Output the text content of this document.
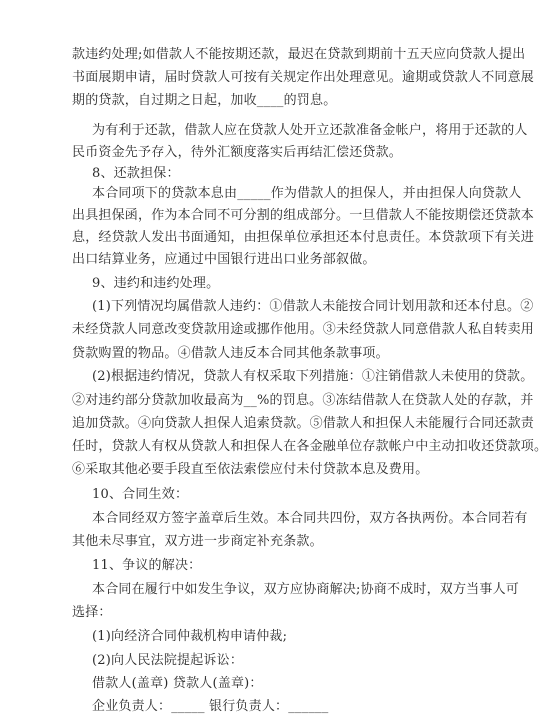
款违约处理;如借款人不能按期还款，最迟在贷款到期前十五天应向贷款人提出
书面展期申请，届时贷款人可按有关规定作出处理意见。逾期或贷款人不同意展
期的贷款，自过期之日起，加收____的罚息。
为有利于还款，借款人应在贷款人处开立还款准备金帐户，将用于还款的人
民币资金先予存入，待外汇额度落实后再结汇偿还贷款。
8、还款担保：
本合同项下的贷款本息由_____作为借款人的担保人，并由担保人向贷款人
出具担保函，作为本合同不可分割的组成部分。一旦借款人不能按期偿还贷款本
息，经贷款人发出书面通知，由担保单位承担还本付息责任。本贷款项下有关进
出口结算业务，应通过中国银行进出口业务部叙做。
9、违约和违约处理。
(1)下列情况均属借款人违约：①借款人未能按合同计划用款和还本付息。②
未经贷款人同意改变贷款用途或挪作他用。③未经贷款人同意借款人私自转卖用
贷款购置的物品。④借款人违反本合同其他条款事项。
(2)根据违约情况，贷款人有权采取下列措施：①注销借款人未使用的贷款。
②对违约部分贷款加收最高为__%的罚息。③冻结借款人在贷款人处的存款，并
追加贷款。④向贷款人担保人追索贷款。⑤借款人和担保人未能履行合同还款责
任时，贷款人有权从贷款人和担保人在各金融单位存款帐户中主动扣收还贷款项。
⑥采取其他必要手段直至依法索偿应付未付贷款本息及费用。
10、合同生效：
本合同经双方签字盖章后生效。本合同共四份，双方各执两份。本合同若有
其他未尽事宜，双方进一步商定补充条款。
11、争议的解决：
本合同在履行中如发生争议，双方应协商解决;协商不成时，双方当事人可
选择：
(1)向经济合同仲裁机构申请仲裁;
(2)向人民法院提起诉讼：
借款人(盖章) 贷款人(盖章)：
企业负责人：_____ 银行负责人：______
